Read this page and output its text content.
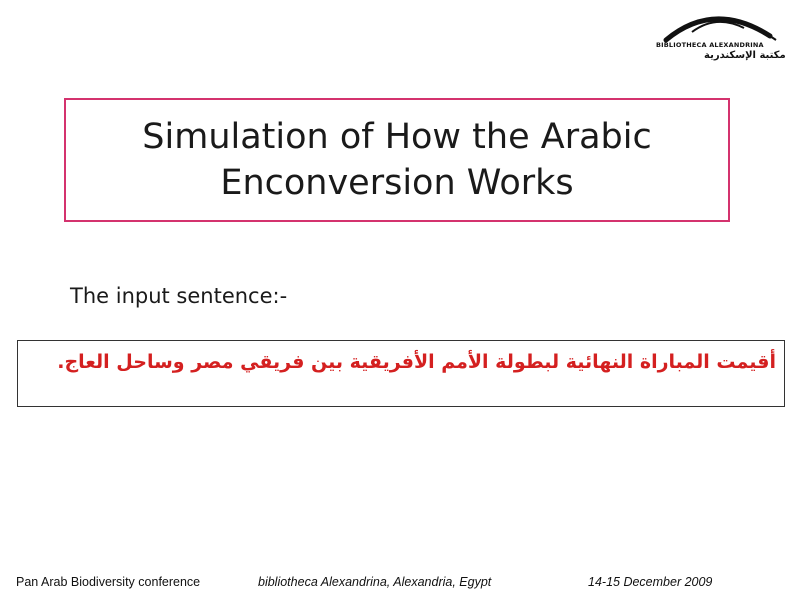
BIBLIOTHECA ALEXANDRINA
مكتبة الإسكندرية
Simulation of How the Arabic
Enconversion Works
The input sentence:-
أقيمت المباراة النهائية لبطولة الأمم الأفريقية بين فريقي مصر وساحل العاج.
Pan Arab Biodiversity conference	bibliotheca Alexandrina, Alexandria, Egypt	14-15 December 2009
